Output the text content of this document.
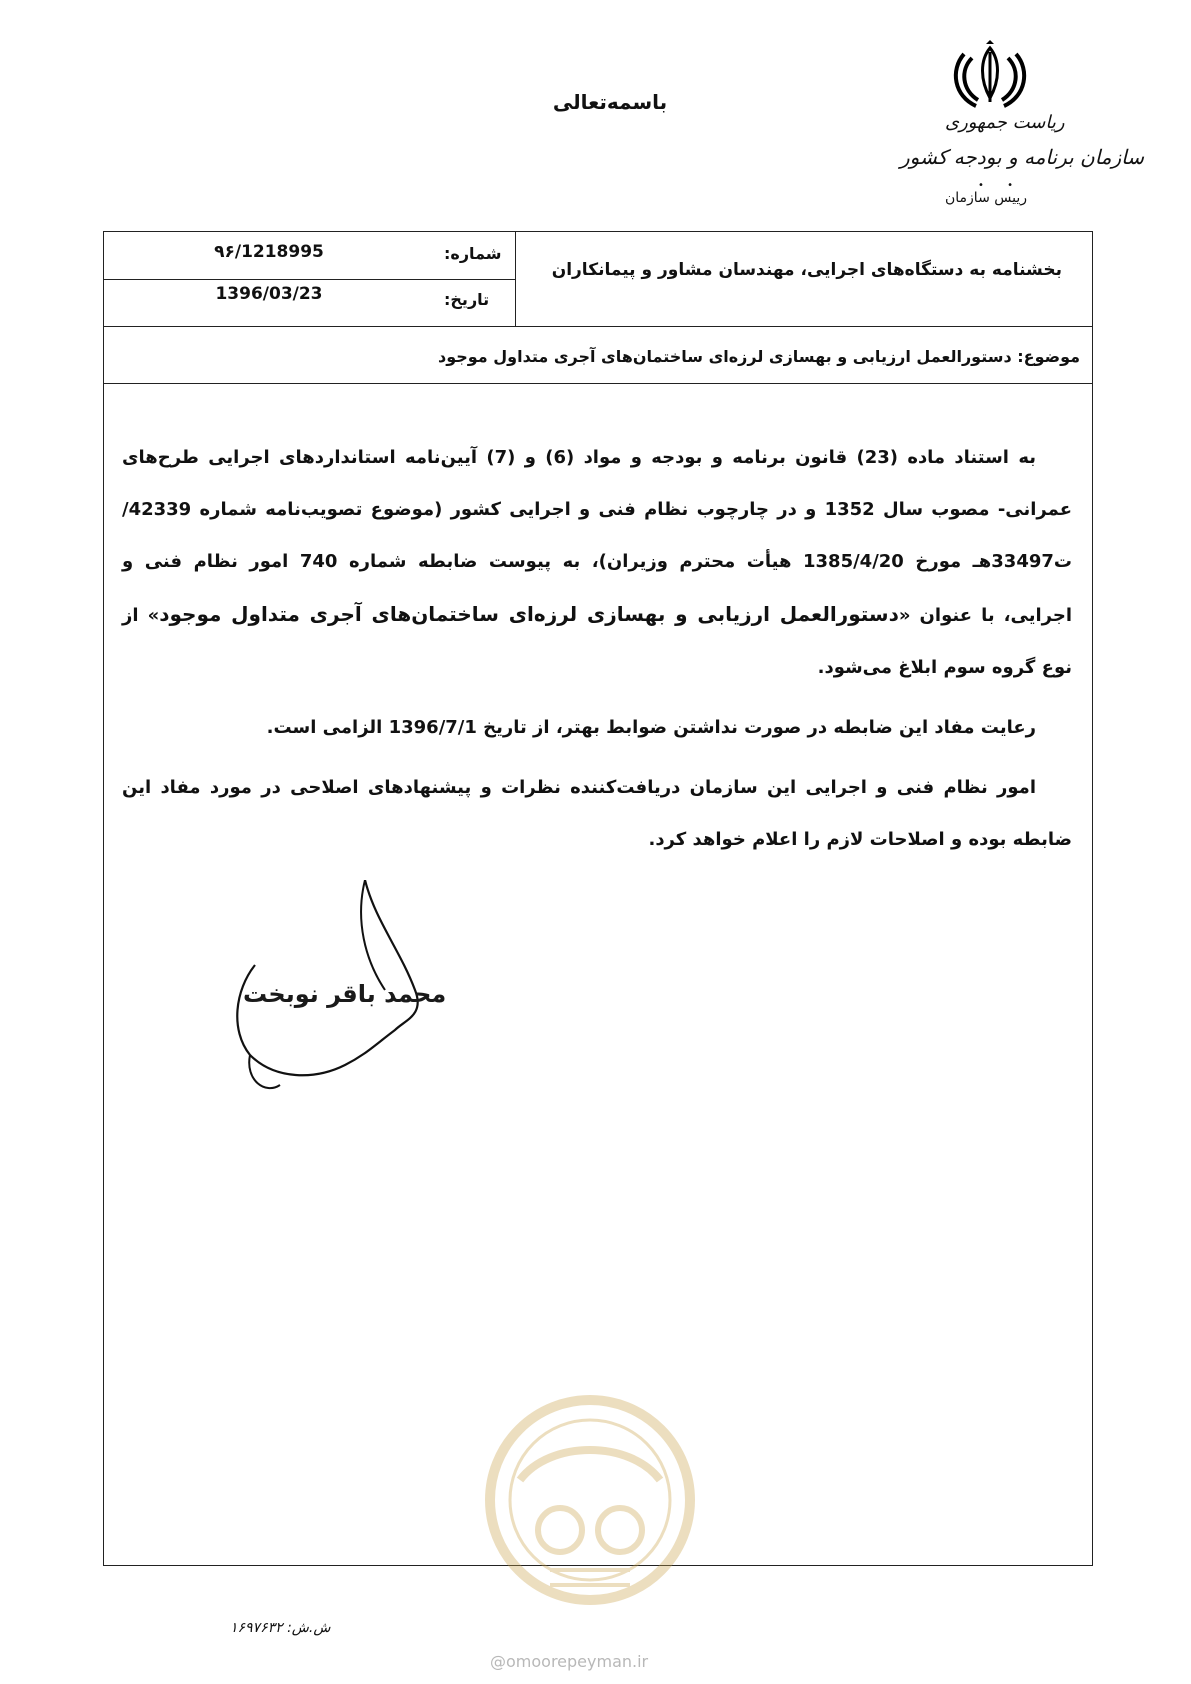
باسمه‌تعالی
ریاست جمهوری
سازمان برنامه و بودجه کشور
• •
رییس سازمان
بخشنامه به دستگاه‌های اجرایی، مهندسان مشاور و پیمانکاران
شماره:
۹۶/1218995
تاریخ:
1396/03/23
موضوع: دستورالعمل ارزیابی و بهسازی لرزه‌ای ساختمان‌های آجری متداول موجود

به استناد ماده (23) قانون برنامه و بودجه و مواد (6) و (7) آیین‌نامه استانداردهای اجرایی طرح‌های عمرانی- مصوب سال 1352 و در چارچوب نظام فنی و اجرایی کشور (موضوع تصویب‌نامه شماره 42339/ت33497هـ مورخ 1385/4/20 هیأت محترم وزیران)، به پیوست ضابطه شماره 740 امور نظام فنی و اجرایی، با عنوان «دستورالعمل ارزیابی و بهسازی لرزه‌ای ساختمان‌های آجری متداول موجود» از نوع گروه سوم ابلاغ می‌شود.

رعایت مفاد این ضابطه در صورت نداشتن ضوابط بهتر، از تاریخ 1396/7/1 الزامی است.

امور نظام فنی و اجرایی این سازمان دریافت‌کننده نظرات و پیشنهادهای اصلاحی در مورد مفاد این ضابطه بوده و اصلاحات لازم را اعلام خواهد کرد.

محمد باقر نوبخت
ش.ش: ۱۶۹۷۶۳۲
@omoorepeyman.ir
